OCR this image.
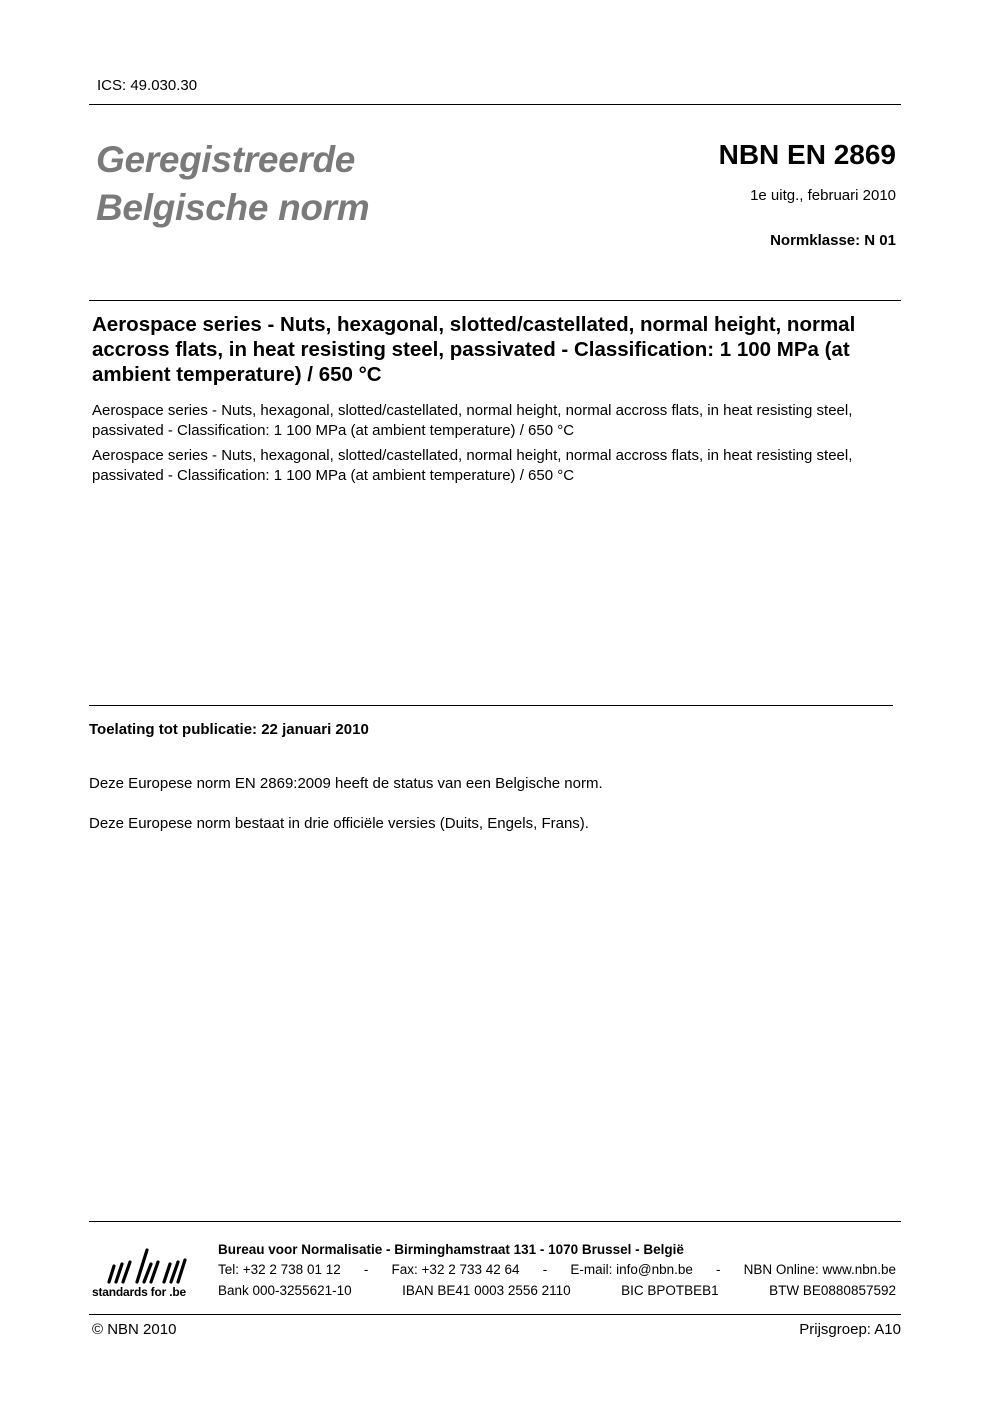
ICS: 49.030.30
Geregistreerde
Belgische norm
NBN EN 2869
1e uitg., februari 2010
Normklasse: N 01
Aerospace series - Nuts, hexagonal, slotted/castellated, normal height, normal accross flats, in heat resisting steel, passivated - Classification: 1 100 MPa (at ambient temperature) / 650 °C
Aerospace series - Nuts, hexagonal, slotted/castellated, normal height, normal accross flats, in heat resisting steel, passivated - Classification: 1 100 MPa (at ambient temperature) / 650 °C
Aerospace series - Nuts, hexagonal, slotted/castellated, normal height, normal accross flats, in heat resisting steel, passivated - Classification: 1 100 MPa (at ambient temperature) / 650 °C
Toelating tot publicatie: 22 januari 2010
Deze Europese norm EN 2869:2009 heeft de status van een Belgische norm.
Deze Europese norm bestaat in drie officiële versies (Duits, Engels, Frans).
standards for .be
Bureau voor Normalisatie - Birminghamstraat 131 - 1070 Brussel - België
Tel: +32 2 738 01 12 - Fax: +32 2 733 42 64 - E-mail: info@nbn.be - NBN Online: www.nbn.be
Bank 000-3255621-10	IBAN BE41 0003 2556 2110	BIC BPOTBEB1	BTW BE0880857592
© NBN 2010	Prijsgroep: A10
